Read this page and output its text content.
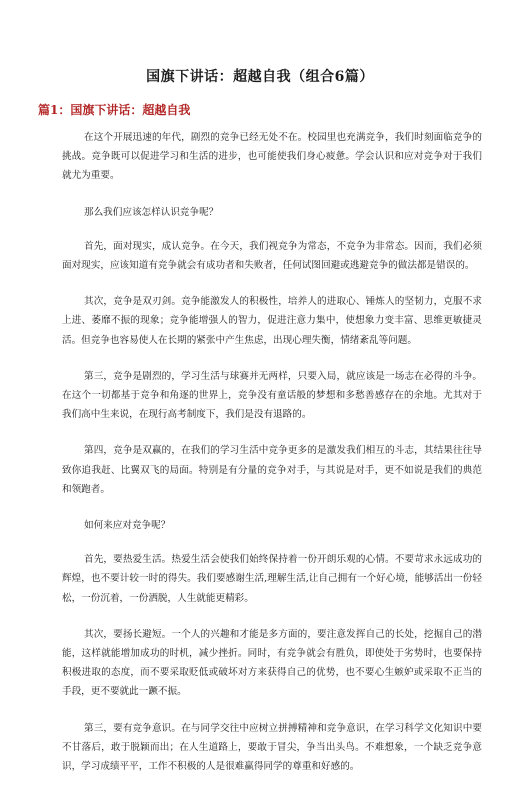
国旗下讲话：超越自我（组合6篇）
篇1：国旗下讲话：超越自我

在这个开展迅速的年代，剧烈的竞争已经无处不在。校园里也充满竞争，我们时刻面临竞争的挑战。竞争既可以促进学习和生活的进步，也可能使我们身心疲惫。学会认识和应对竞争对于我们就尤为重要。

那么我们应该怎样认识竞争呢？

首先，面对现实，成认竞争。在今天，我们视竞争为常态，不竞争为非常态。因而，我们必须面对现实，应该知道有竞争就会有成功者和失败者，任何试图回避或逃避竞争的做法都是错误的。

其次，竞争是双刃剑。竞争能激发人的积极性，培养人的进取心、锤炼人的坚韧力，克服不求上进、萎靡不振的现象；竞争能增强人的智力，促进注意力集中，使想象力变丰富、思维更敏捷灵活。但竞争也容易使人在长期的紧张中产生焦虑，出现心理失衡，情绪紊乱等问题。

第三，竞争是剧烈的，学习生活与球赛并无两样，只要入局，就应该是一场志在必得的斗争。在这个一切都基于竞争和角逐的世界上，竞争没有童话般的梦想和多愁善感存在的余地。尤其对于我们高中生来说，在现行高考制度下，我们是没有退路的。

第四，竞争是双赢的，在我们的学习生活中竞争更多的是激发我们相互的斗志，其结果往往导致你追我赶、比翼双飞的局面。特别是有分量的竞争对手，与其说是对手，更不如说是我们的典范和领跑者。

如何来应对竞争呢？

首先，要热爱生活。热爱生活会使我们始终保持着一份开朗乐观的心情。不要苛求永远成功的辉煌，也不要计较一时的得失。我们要感谢生活,理解生活,让自己拥有一个好心境，能够活出一份轻松，一份沉着，一份洒脱，人生就能更精彩。

其次，要扬长避短。一个人的兴趣和才能是多方面的，要注意发挥自己的长处，挖掘自己的潜能，这样就能增加成功的时机，减少挫折。同时，有竞争就会有胜负，即使处于劣势时，也要保持积极进取的态度，而不要采取贬低或破坏对方来获得自己的优势，也不要心生嫉妒或采取不正当的手段，更不要就此一蹶不振。

第三，要有竞争意识。在与同学交往中应树立拼搏精神和竞争意识，在学习科学文化知识中要不甘落后，敢于脱颖而出；在人生道路上，要敢于冒尖，争当出头鸟。不难想象，一个缺乏竞争意识，学习成绩平平，工作不积极的人是很难赢得同学的尊重和好感的。
